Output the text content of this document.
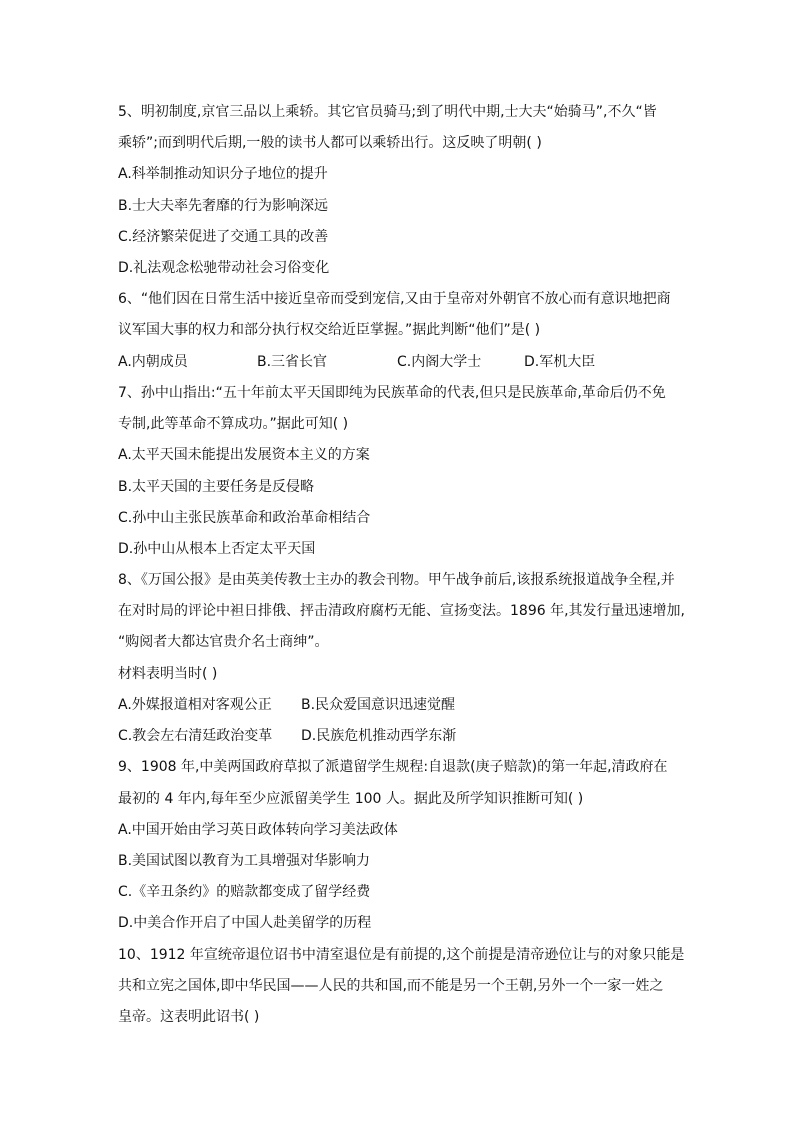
5、明初制度,京官三品以上乘轿。其它官员骑马;到了明代中期,士大夫“始骑马”,不久“皆
乘轿”;而到明代后期,一般的读书人都可以乘轿出行。这反映了明朝( )
A.科举制推动知识分子地位的提升
B.士大夫率先奢靡的行为影响深远
C.经济繁荣促进了交通工具的改善
D.礼法观念松驰带动社会习俗变化
6、“他们因在日常生活中接近皇帝而受到宠信,又由于皇帝对外朝官不放心而有意识地把商
议军国大事的权力和部分执行权交给近臣掌握。”据此判断“他们”是( )
A.内朝成员	B.三省长官	C.内阁大学士	D.军机大臣
7、孙中山指出:“五十年前太平天国即纯为民族革命的代表,但只是民族革命,革命后仍不免
专制,此等革命不算成功。”据此可知( )
A.太平天国未能提出发展资本主义的方案
B.太平天国的主要任务是反侵略
C.孙中山主张民族革命和政治革命相结合
D.孙中山从根本上否定太平天国
8、《万国公报》是由英美传教士主办的教会刊物。甲午战争前后,该报系统报道战争全程,并
在对时局的评论中袒日排俄、抨击清政府腐朽无能、宣扬变法。1896 年,其发行量迅速增加,
“购阅者大都达官贵介名士商绅”。
材料表明当时( )
A.外媒报道相对客观公正 B.民众爱国意识迅速觉醒
C.教会左右清廷政治变革 D.民族危机推动西学东渐
9、1908 年,中美两国政府草拟了派遣留学生规程:自退款(庚子赔款)的第一年起,清政府在
最初的 4 年内,每年至少应派留美学生 100 人。据此及所学知识推断可知( )
A.中国开始由学习英日政体转向学习美法政体
B.美国试图以教育为工具增强对华影响力
C.《辛丑条约》的赔款都变成了留学经费
D.中美合作开启了中国人赴美留学的历程
10、1912 年宣统帝退位诏书中清室退位是有前提的,这个前提是清帝逊位让与的对象只能是
共和立宪之国体,即中华民国——人民的共和国,而不能是另一个王朝,另外一个一家一姓之
皇帝。这表明此诏书( )
